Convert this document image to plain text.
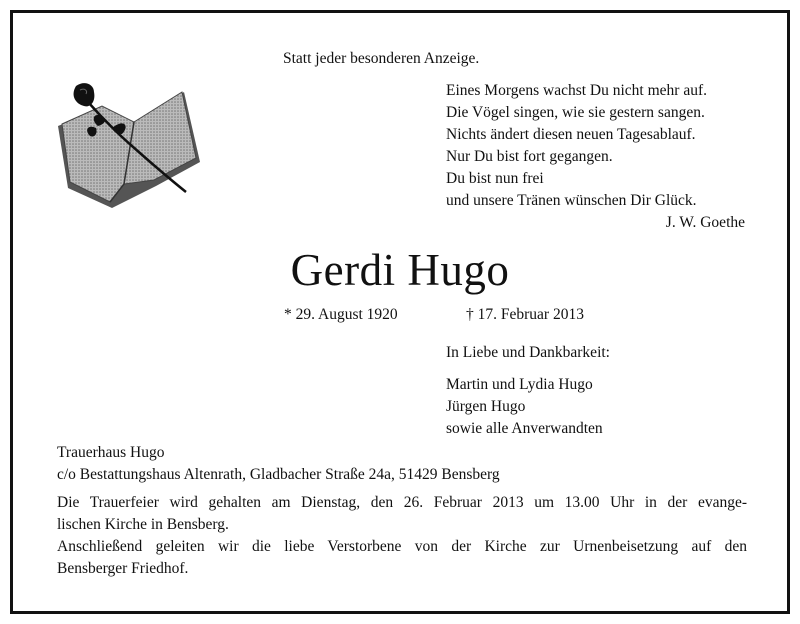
Statt jeder besonderen Anzeige.
Eines Morgens wachst Du nicht mehr auf.
Die Vögel singen, wie sie gestern sangen.
Nichts ändert diesen neuen Tagesablauf.
Nur Du bist fort gegangen.
Du bist nun frei
und unsere Tränen wünschen Dir Glück.
J. W. Goethe
Gerdi Hugo
* 29. August 1920	† 17. Februar 2013
In Liebe und Dankbarkeit:
Martin und Lydia Hugo
Jürgen Hugo
sowie alle Anverwandten
Trauerhaus Hugo
c/o Bestattungshaus Altenrath, Gladbacher Straße 24a, 51429 Bensberg
Die Trauerfeier wird gehalten am Dienstag, den 26. Februar 2013 um 13.00 Uhr in der evange-
lischen Kirche in Bensberg.
Anschließend geleiten wir die liebe Verstorbene von der Kirche zur Urnenbeisetzung auf den
Bensberger Friedhof.
